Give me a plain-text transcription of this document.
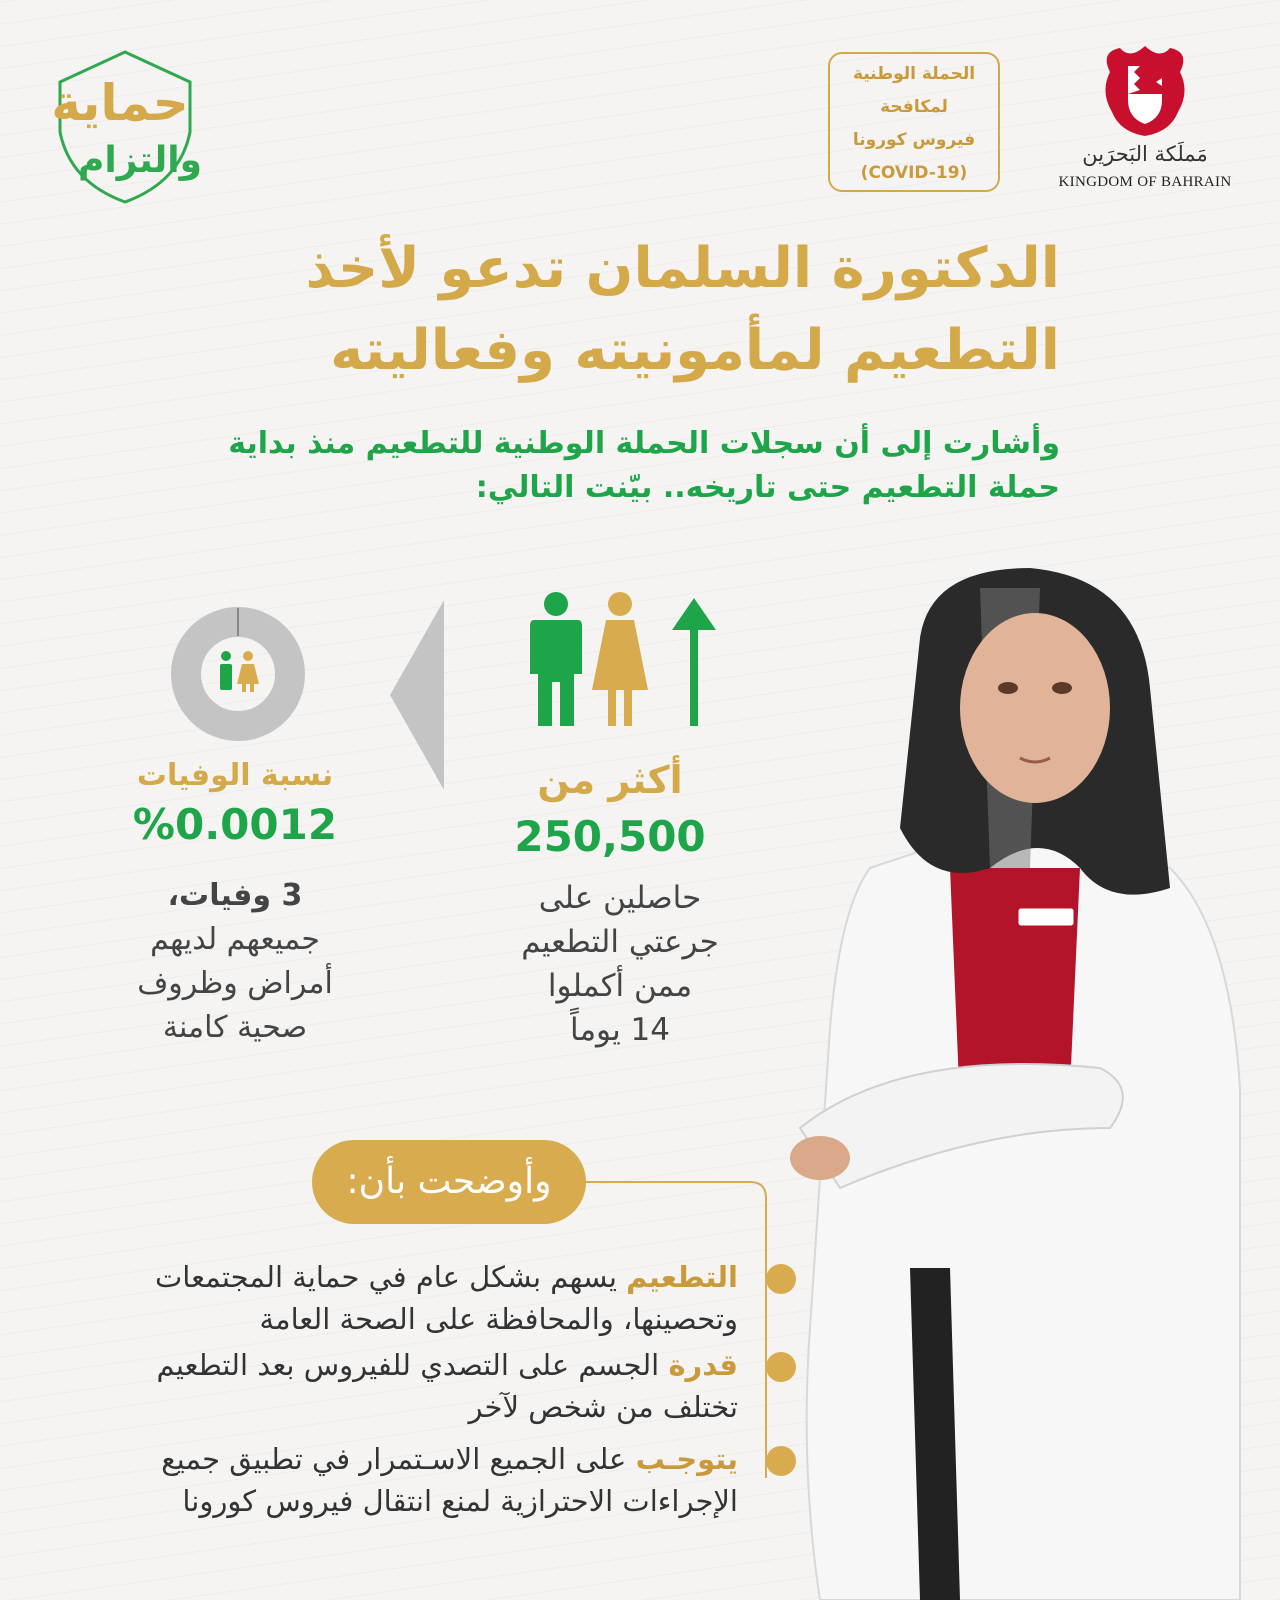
حماية
والتزام
الحملة الوطنية
لمكافحة
فيروس كورونا
(COVID-19)
مَملَكة البَحرَين
KINGDOM OF BAHRAIN
الدكتورة السلمان تدعو لأخذ
التطعيم لمأمونيته وفعاليته
وأشارت إلى أن سجلات الحملة الوطنية للتطعيم منذ بداية
حملة التطعيم حتى تاريخه.. بيّنت التالي:
أكثر من
250,500
حاصلين على
جرعتي التطعيم
ممن أكملوا
14 يوماً
نسبة الوفيات
%0.0012
3 وفيات،
جميعهم لديهم
أمراض وظروف
صحية كامنة
وأوضحت بأن:
التطعيم يسهم بشكل عام في حماية المجتمعات
وتحصينها، والمحافظة على الصحة العامة
قدرة الجسم على التصدي للفيروس بعد التطعيم
تختلف من شخص لآخر
يتوجـب على الجميع الاسـتمرار في تطبيق جميع
الإجراءات الاحترازية لمنع انتقال فيروس كورونا
